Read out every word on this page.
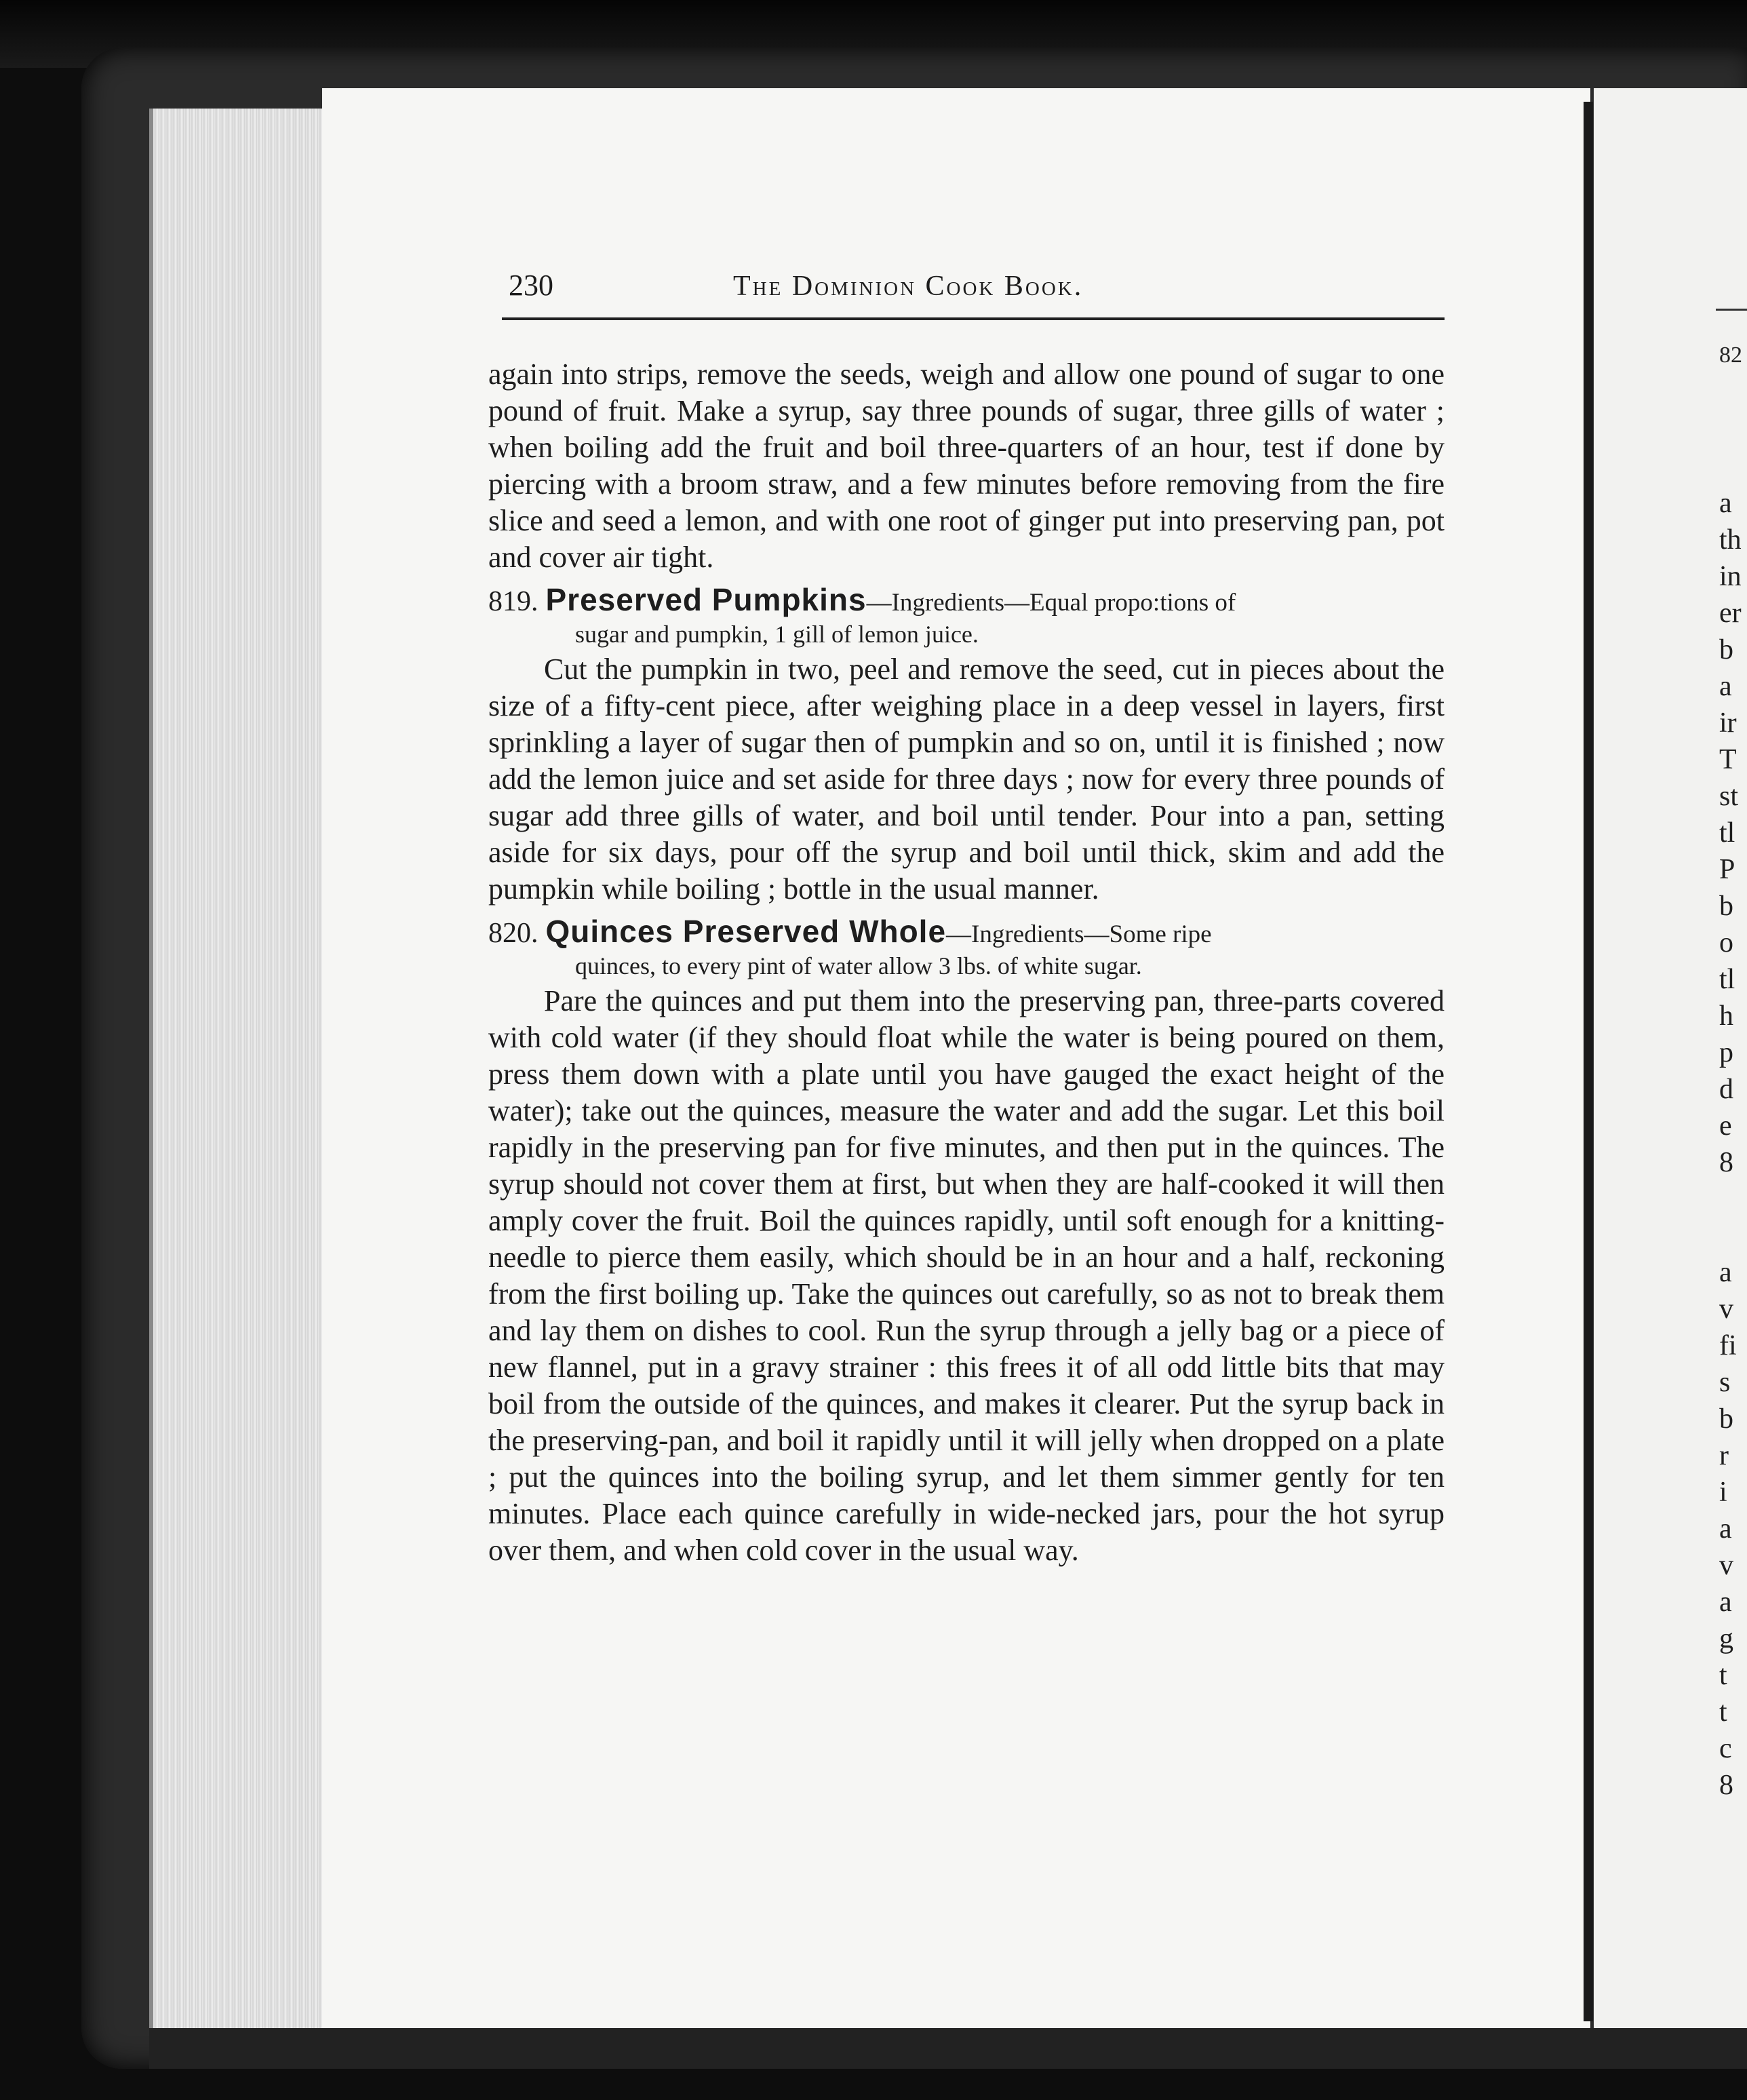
230	The Dominion Cook Book.

again into strips, remove the seeds, weigh and allow one pound of sugar to one pound of fruit. Make a syrup, say three pounds of sugar, three gills of water ; when boiling add the fruit and boil three-quarters of an hour, test if done by piercing with a broom straw, and a few minutes before removing from the fire slice and seed a lemon, and with one root of ginger put into preserving pan, pot and cover air tight.

819. Preserved Pumpkins—Ingredients—Equal propo:tions of
sugar and pumpkin, 1 gill of lemon juice.

Cut the pumpkin in two, peel and remove the seed, cut in pieces about the size of a fifty-cent piece, after weighing place in a deep vessel in layers, first sprinkling a layer of sugar then of pumpkin and so on, until it is finished ; now add the lemon juice and set aside for three days ; now for every three pounds of sugar add three gills of water, and boil until tender. Pour into a pan, setting aside for six days, pour off the syrup and boil until thick, skim and add the pumpkin while boiling ; bottle in the usual manner.

820. Quinces Preserved Whole—Ingredients—Some ripe
quinces, to every pint of water allow 3 lbs. of white sugar.

Pare the quinces and put them into the preserving pan, three-parts covered with cold water (if they should float while the water is being poured on them, press them down with a plate until you have gauged the exact height of the water); take out the quinces, measure the water and add the sugar. Let this boil rapidly in the preserving pan for five minutes, and then put in the quinces. The syrup should not cover them at first, but when they are half-cooked it will then amply cover the fruit. Boil the quinces rapidly, until soft enough for a knitting-needle to pierce them easily, which should be in an hour and a half, reckoning from the first boiling up. Take the quinces out carefully, so as not to break them and lay them on dishes to cool. Run the syrup through a jelly bag or a piece of new flannel, put in a gravy strainer : this frees it of all odd little bits that may boil from the outside of the quinces, and makes it clearer. Put the syrup back in the preserving-pan, and boil it rapidly until it will jelly when dropped on a plate ; put the quinces into the boiling syrup, and let them simmer gently for ten minutes. Place each quince carefully in wide-necked jars, pour the hot syrup over them, and when cold cover in the usual way.

82
a
th
in
er
b
a
ir
T
st
tl
P
b
o
tl
h
p
d
e
8
a
v
fi
s
b
r
i
a
v
a
g
t
t
c
8
